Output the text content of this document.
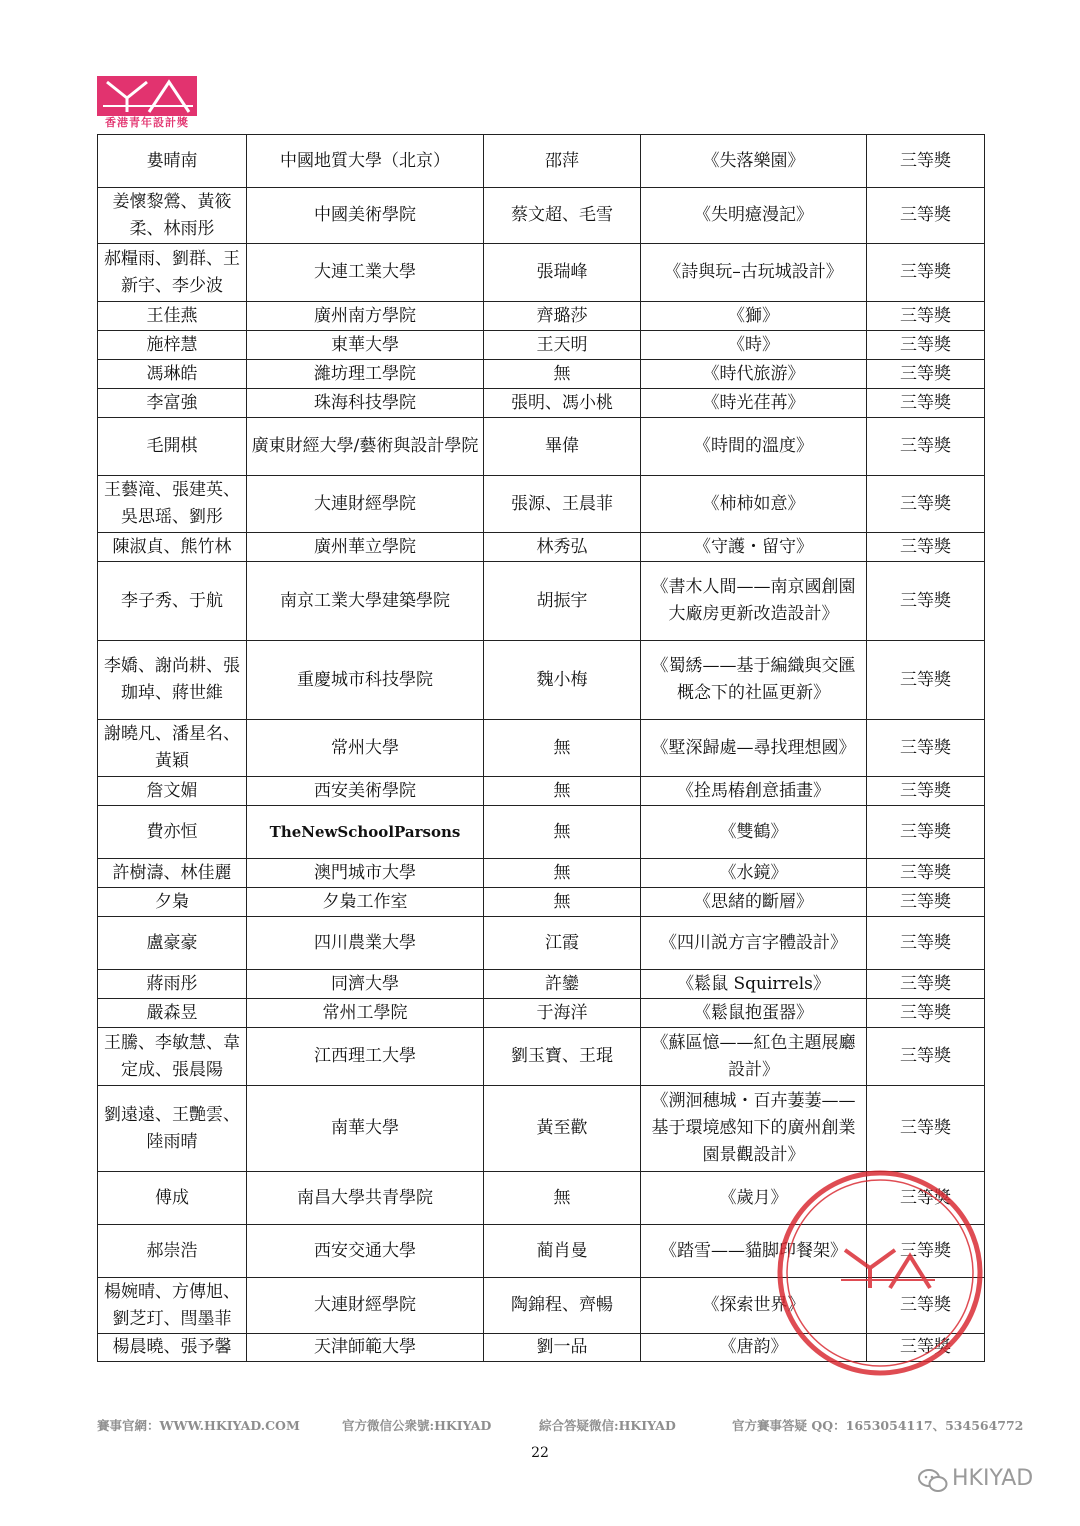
香港青年設計獎
婁晴南	中國地質大學（北京）	邵萍	《失落樂園》	三等獎
姜懷黎鶯、黃筱柔、林雨彤	中國美術學院	蔡文超、毛雪	《失明癔漫記》	三等獎
郝糧雨、劉群、王新宇、李少波	大連工業大學	張瑞峰	《詩與玩–古玩城設計》	三等獎
王佳燕	廣州南方學院	齊璐莎	《獅》	三等獎
施梓慧	東華大學	王天明	《時》	三等獎
馮琳皓	濰坊理工學院	無	《時代旅游》	三等獎
李富強	珠海科技學院	張明、馮小桃	《時光荏苒》	三等獎
毛開棋	廣東財經大學/藝術與設計學院	畢偉	《時間的溫度》	三等獎
王藝滝、張建英、吳思瑶、劉彤	大連財經學院	張源、王晨菲	《柿柿如意》	三等獎
陳淑貞、熊竹林	廣州華立學院	林秀弘	《守護・留守》	三等獎
李子秀、于航	南京工業大學建築學院	胡振宇	《書木人間——南京國創園大廠房更新改造設計》	三等獎
李嬌、謝尚耕、張珈琸、蔣世維	重慶城市科技學院	魏小梅	《蜀綉——基于編織與交匯概念下的社區更新》	三等獎
謝曉凡、潘星名、黃穎	常州大學	無	《墅深歸處—尋找理想國》	三等獎
詹文媚	西安美術學院	無	《拴馬樁創意插畫》	三等獎
費亦恒	TheNewSchoolParsons	無	《雙鶴》	三等獎
許樹濤、林佳麗	澳門城市大學	無	《水鏡》	三等獎
夕梟	夕梟工作室	無	《思緒的斷層》	三等獎
盧豪豪	四川農業大學	江霞	《四川説方言字體設計》	三等獎
蔣雨彤	同濟大學	許鑾	《鬆鼠 Squirrels》	三等獎
嚴森昱	常州工學院	于海洋	《鬆鼠抱蛋器》	三等獎
王騰、李敏慧、韋定成、張晨陽	江西理工大學	劉玉寶、王琨	《蘇區憶——紅色主題展廳設計》	三等獎
劉遠遠、王艷雲、陸雨晴	南華大學	黃至歡	《溯洄穗城・百卉萋萋——基于環境感知下的廣州創業園景觀設計》	三等獎
傅成	南昌大學共青學院	無	《歲月》	三等獎
郝崇浩	西安交通大學	蔺肖曼	《踏雪——貓脚印餐架》	三等獎
楊婉晴、方傳旭、劉芝玎、閆墨菲	大連財經學院	陶錦程、齊暢	《探索世界》	三等獎
楊晨曉、張予馨	天津師範大學	劉一品	《唐韵》	三等獎
賽事官網：WWW.HKIYAD.COM	官方微信公衆號:HKIYAD	綜合答疑微信:HKIYAD	官方賽事答疑 QQ：1653054117、534564772
22
HKIYAD
